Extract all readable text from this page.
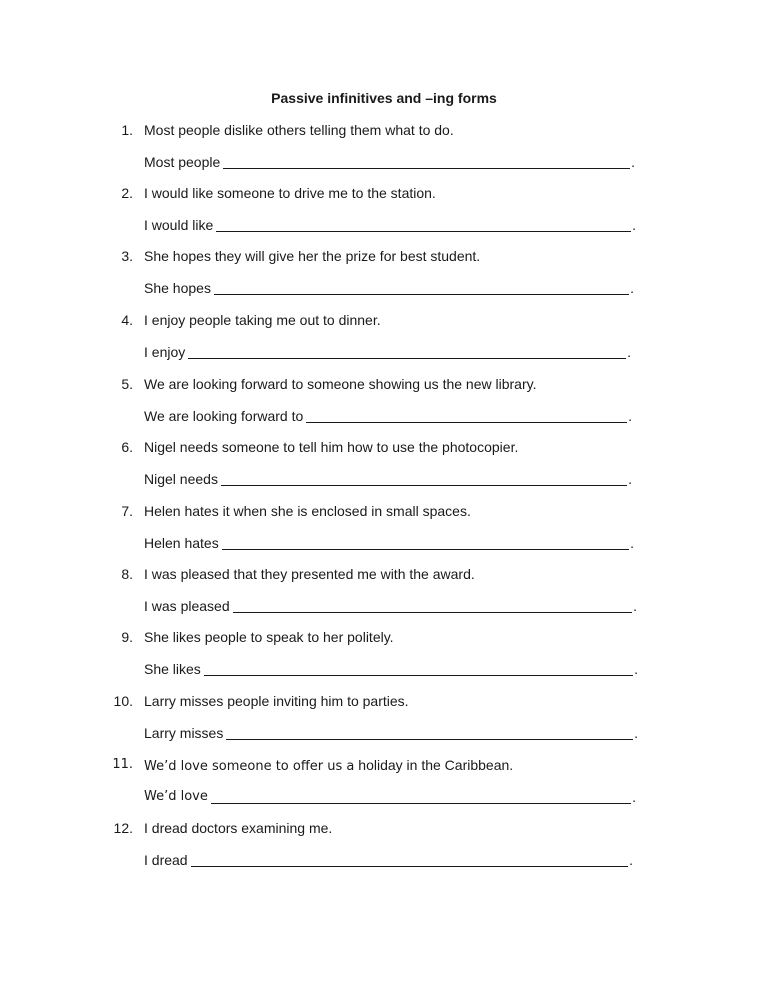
Passive infinitives and –ing forms
1. Most people dislike others telling them what to do.
Most people	.
2. I would like someone to drive me to the station.
I would like	.
3. She hopes they will give her the prize for best student.
She hopes	.
4. I enjoy people taking me out to dinner.
I enjoy	.
5. We are looking forward to someone showing us the new library.
We are looking forward to	.
6. Nigel needs someone to tell him how to use the photocopier.
Nigel needs	.
7. Helen hates it when she is enclosed in small spaces.
Helen hates	.
8. I was pleased that they presented me with the award.
I was pleased	.
9. She likes people to speak to her politely.
She likes	.
10. Larry misses people inviting him to parties.
Larry misses	.
11. We’d love someone to offer us a holiday in the Caribbean.
We’d love	.
12. I dread doctors examining me.
I dread	.
